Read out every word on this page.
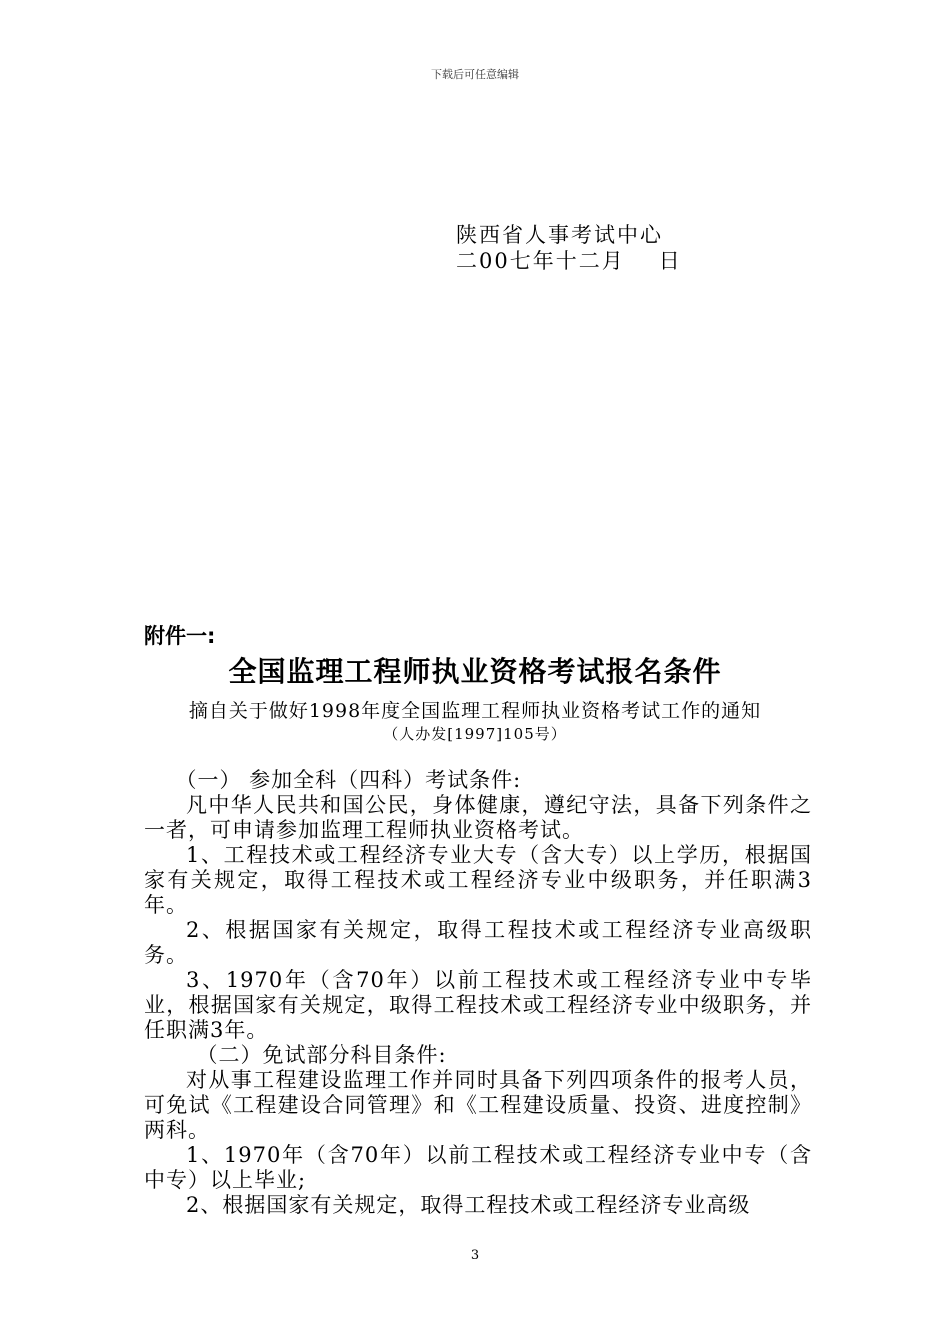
下载后可任意编辑
陕西省人事考试中心
二00七年十二月 日
附件一:
全国监理工程师执业资格考试报名条件
摘自关于做好1998年度全国监理工程师执业资格考试工作的通知
（人办发[1997]105号）

（一） 参加全科（四科）考试条件:

凡中华人民共和国公民，身体健康，遵纪守法，具备下列条件之一者，可申请参加监理工程师执业资格考试。

1、工程技术或工程经济专业大专（含大专）以上学历，根据国家有关规定，取得工程技术或工程经济专业中级职务，并任职满3年。

2、根据国家有关规定，取得工程技术或工程经济专业高级职务。

3、1970年（含70年）以前工程技术或工程经济专业中专毕业，根据国家有关规定，取得工程技术或工程经济专业中级职务，并任职满3年。

（二）免试部分科目条件:

对从事工程建设监理工作并同时具备下列四项条件的报考人员，可免试《工程建设合同管理》和《工程建设质量、投资、进度控制》两科。

1、1970年（含70年）以前工程技术或工程经济专业中专（含中专）以上毕业;

2、根据国家有关规定，取得工程技术或工程经济专业高级

3
